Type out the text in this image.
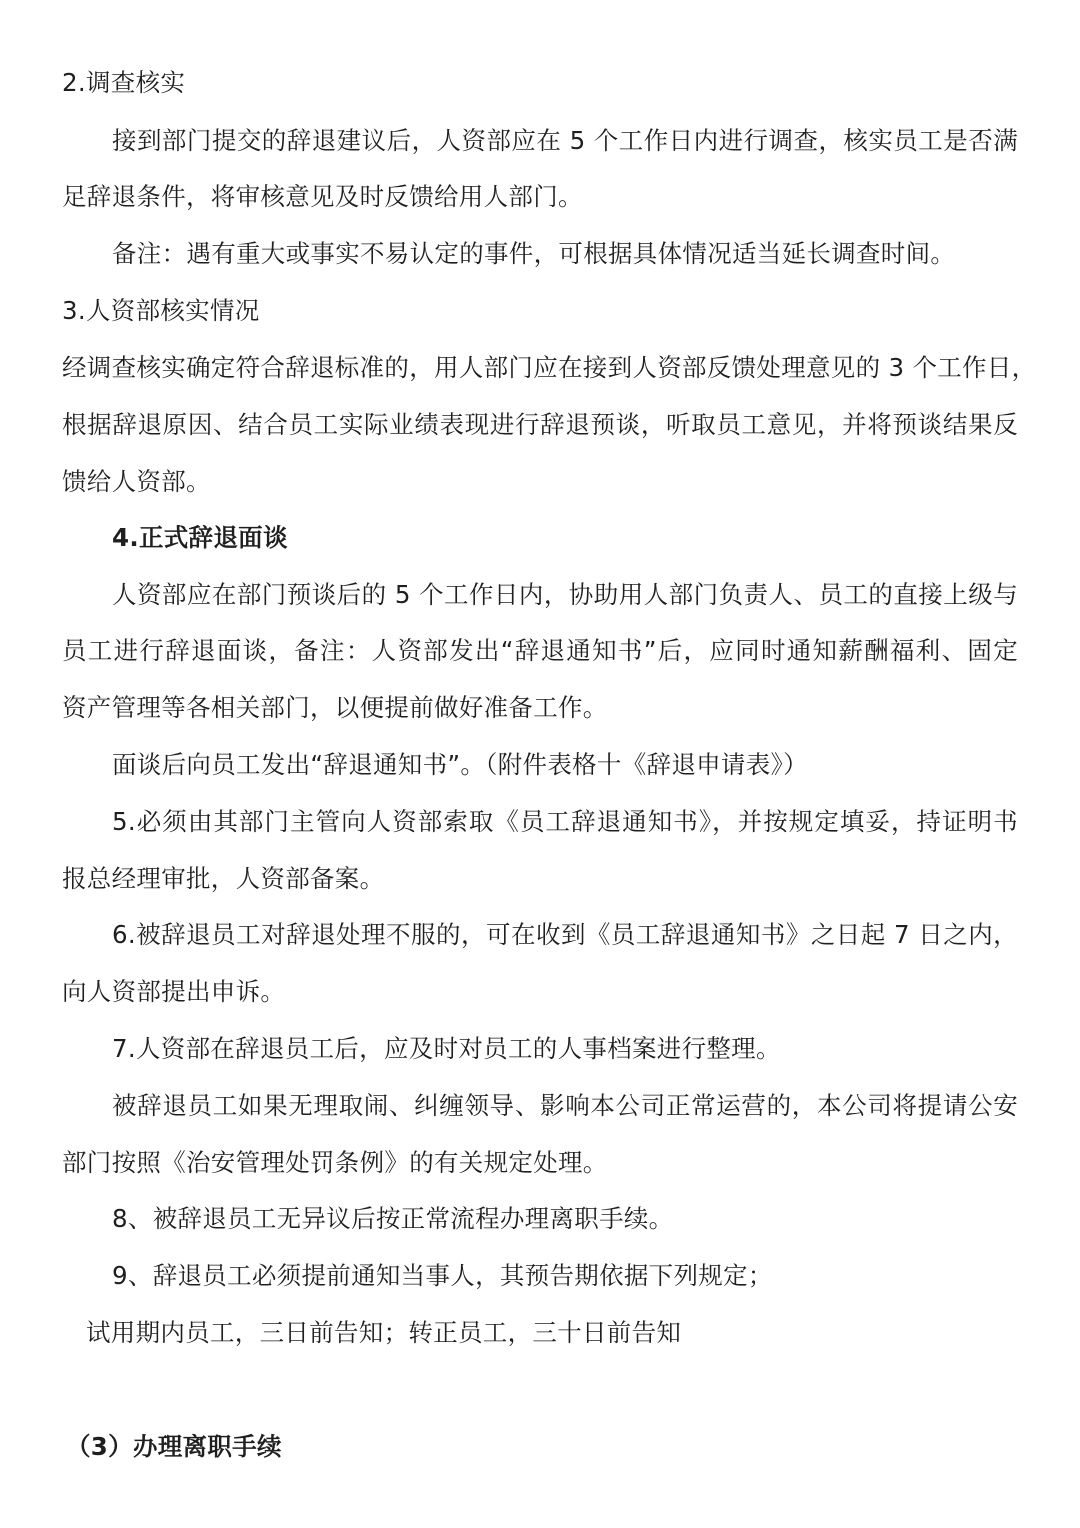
2.调查核实

接到部门提交的辞退建议后，人资部应在 5 个工作日内进行调查，核实员工是否满

足辞退条件，将审核意见及时反馈给用人部门。

备注：遇有重大或事实不易认定的事件，可根据具体情况适当延长调查时间。

3.人资部核实情况

经调查核实确定符合辞退标准的，用人部门应在接到人资部反馈处理意见的 3 个工作日，

根据辞退原因、结合员工实际业绩表现进行辞退预谈，听取员工意见，并将预谈结果反

馈给人资部。

4.正式辞退面谈

人资部应在部门预谈后的 5 个工作日内，协助用人部门负责人、员工的直接上级与

员工进行辞退面谈，备注：人资部发出“辞退通知书”后，应同时通知薪酬福利、固定

资产管理等各相关部门，以便提前做好准备工作。

面谈后向员工发出“辞退通知书”。（附件表格十《辞退申请表》）

5.必须由其部门主管向人资部索取《员工辞退通知书》，并按规定填妥，持证明书

报总经理审批，人资部备案。

6.被辞退员工对辞退处理不服的，可在收到《员工辞退通知书》之日起 7 日之内，

向人资部提出申诉。

7.人资部在辞退员工后，应及时对员工的人事档案进行整理。

被辞退员工如果无理取闹、纠缠领导、影响本公司正常运营的，本公司将提请公安

部门按照《治安管理处罚条例》的有关规定处理。

8、被辞退员工无异议后按正常流程办理离职手续。

9、辞退员工必须提前通知当事人，其预告期依据下列规定；

试用期内员工，三日前告知；转正员工，三十日前告知

（3）办理离职手续
